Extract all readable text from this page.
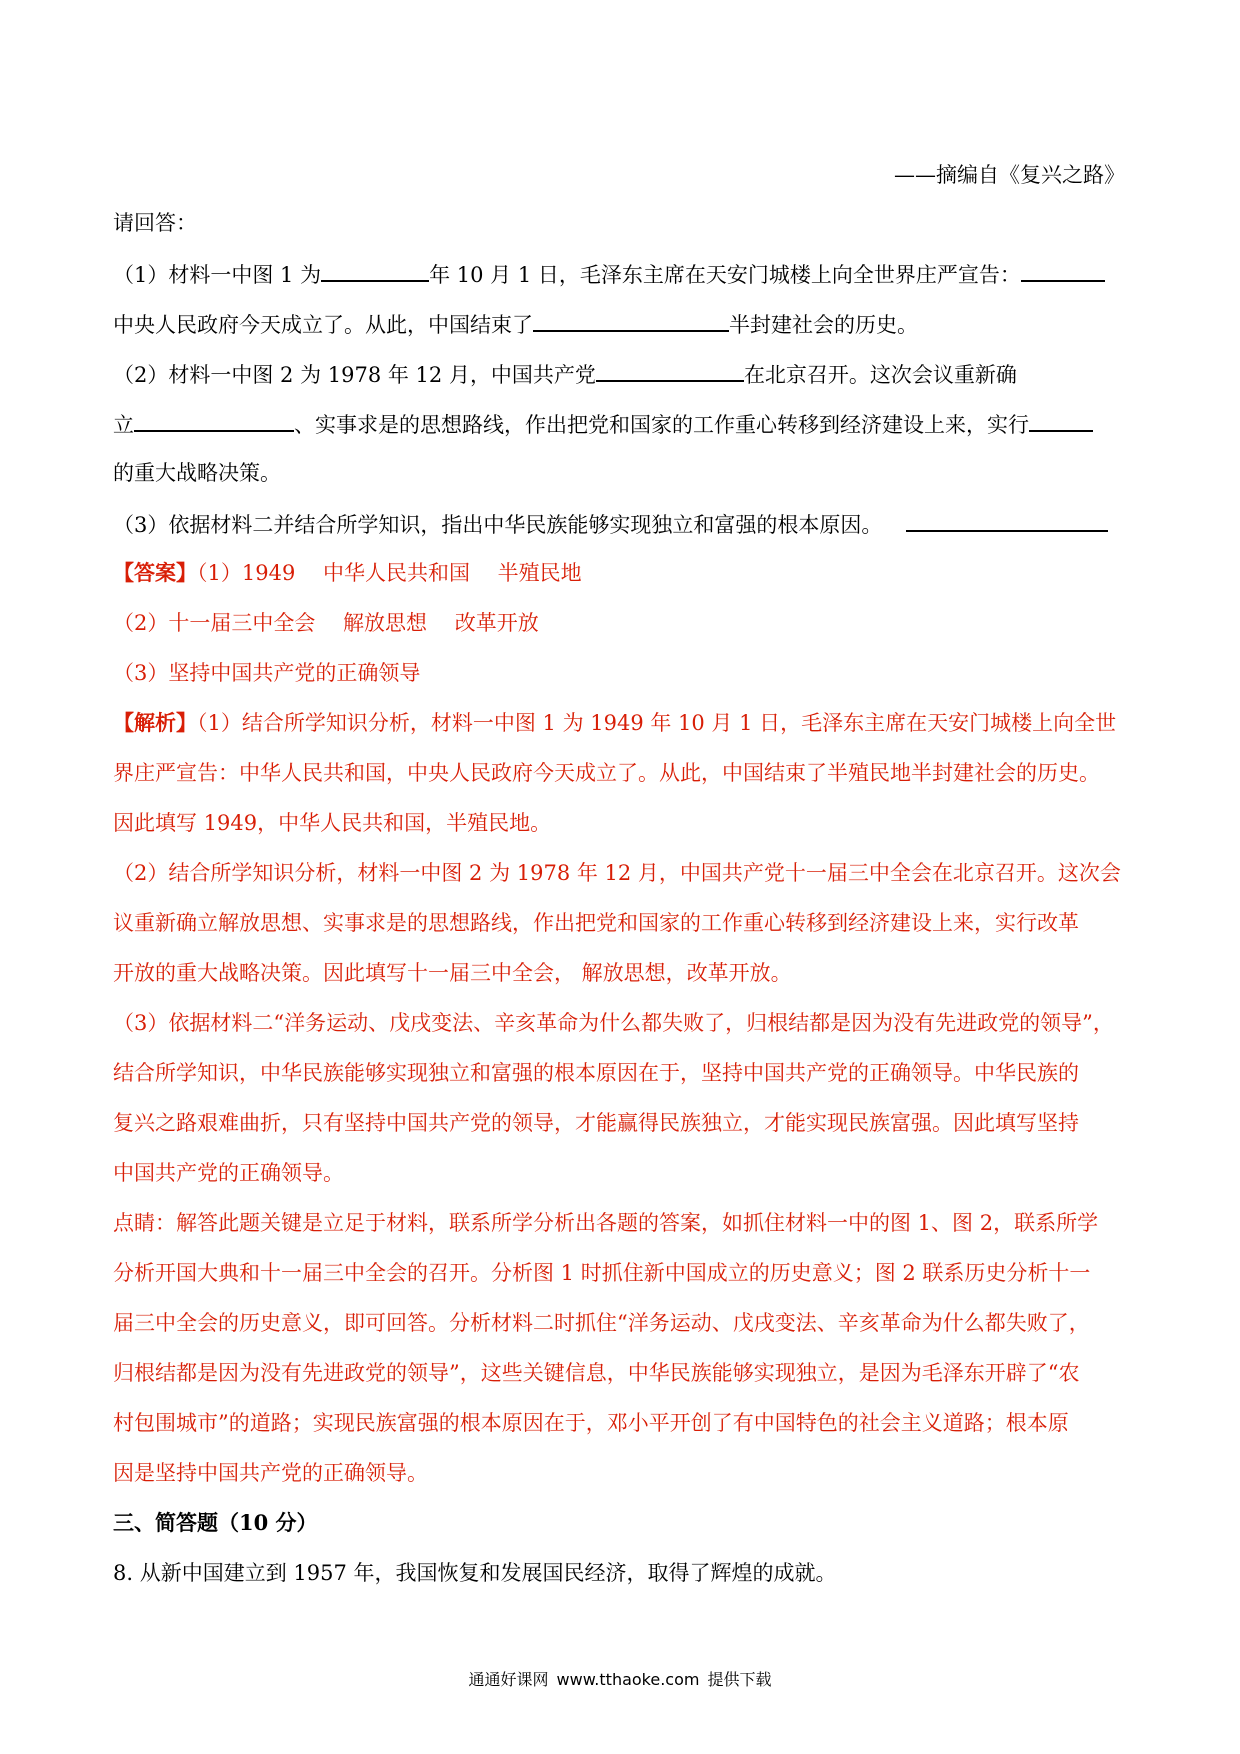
——摘编自《复兴之路》
请回答：
（1）材料一中图 1 为	年 10 月 1 日，毛泽东主席在天安门城楼上向全世界庄严宣告：
中央人民政府今天成立了。从此，中国结束了	半封建社会的历史。
（2）材料一中图 2 为 1978 年 12 月，中国共产党	在北京召开。这次会议重新确
立	、实事求是的思想路线，作出把党和国家的工作重心转移到经济建设上来，实行
的重大战略决策。
（3）依据材料二并结合所学知识，指出中华民族能够实现独立和富强的根本原因。
【答案】（1）1949　 中华人民共和国　 半殖民地
（2）十一届三中全会　 解放思想　 改革开放
（3）坚持中国共产党的正确领导
【解析】（1）结合所学知识分析，材料一中图 1 为 1949 年 10 月 1 日，毛泽东主席在天安门城楼上向全世
界庄严宣告：中华人民共和国，中央人民政府今天成立了。从此，中国结束了半殖民地半封建社会的历史。
因此填写 1949，中华人民共和国，半殖民地。
（2）结合所学知识分析，材料一中图 2 为 1978 年 12 月，中国共产党十一届三中全会在北京召开。这次会
议重新确立解放思想、实事求是的思想路线，作出把党和国家的工作重心转移到经济建设上来，实行改革
开放的重大战略决策。因此填写十一届三中全会， 解放思想，改革开放。
（3）依据材料二“洋务运动、戊戌变法、辛亥革命为什么都失败了，归根结都是因为没有先进政党的领导”，
结合所学知识，中华民族能够实现独立和富强的根本原因在于，坚持中国共产党的正确领导。中华民族的
复兴之路艰难曲折，只有坚持中国共产党的领导，才能赢得民族独立，才能实现民族富强。因此填写坚持
中国共产党的正确领导。
点睛：解答此题关键是立足于材料，联系所学分析出各题的答案，如抓住材料一中的图 1、图 2，联系所学
分析开国大典和十一届三中全会的召开。分析图 1 时抓住新中国成立的历史意义；图 2 联系历史分析十一
届三中全会的历史意义，即可回答。分析材料二时抓住“洋务运动、戊戌变法、辛亥革命为什么都失败了，
归根结都是因为没有先进政党的领导”，这些关键信息，中华民族能够实现独立，是因为毛泽东开辟了“农
村包围城市”的道路；实现民族富强的根本原因在于，邓小平开创了有中国特色的社会主义道路；根本原
因是坚持中国共产党的正确领导。
三、简答题（10 分）
8. 从新中国建立到 1957 年，我国恢复和发展国民经济，取得了辉煌的成就。
通通好课网 www.tthaoke.com 提供下载
